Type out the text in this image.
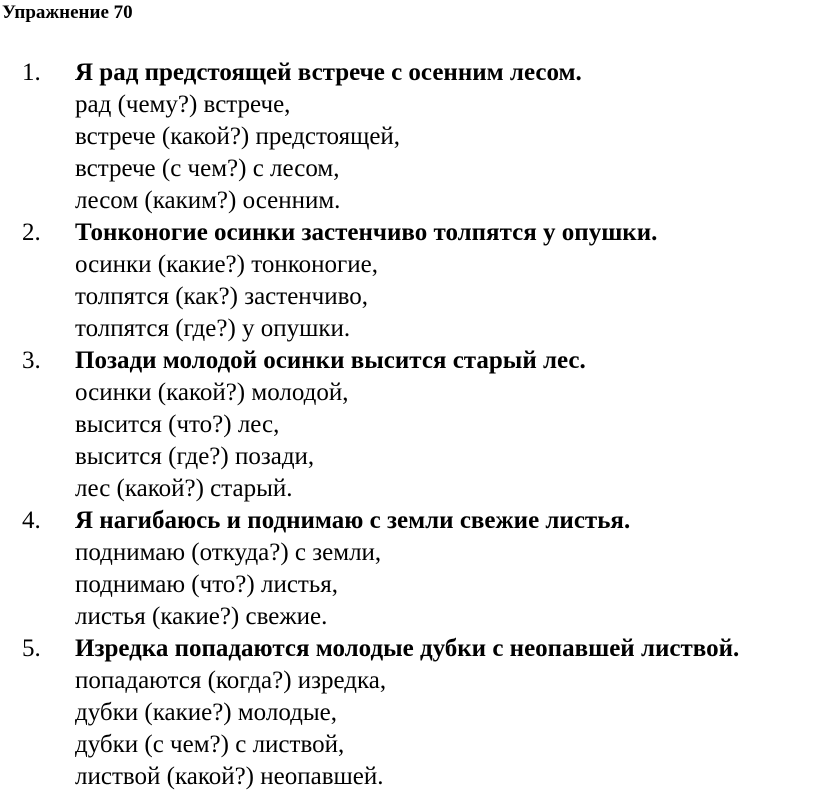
Упражнение 70
1. Я рад предстоящей встрече с осенним лесом.
рад (чему?) встрече,
встрече (какой?) предстоящей,
встрече (с чем?) с лесом,
лесом (каким?) осенним.
2. Тонконогие осинки застенчиво толпятся у опушки.
осинки (какие?) тонконогие,
толпятся (как?) застенчиво,
толпятся (где?) у опушки.
3. Позади молодой осинки высится старый лес.
осинки (какой?) молодой,
высится (что?) лес,
высится (где?) позади,
лес (какой?) старый.
4. Я нагибаюсь и поднимаю с земли свежие листья.
поднимаю (откуда?) с земли,
поднимаю (что?) листья,
листья (какие?) свежие.
5. Изредка попадаются молодые дубки с неопавшей листвой.
попадаются (когда?) изредка,
дубки (какие?) молодые,
дубки (с чем?) с листвой,
листвой (какой?) неопавшей.
